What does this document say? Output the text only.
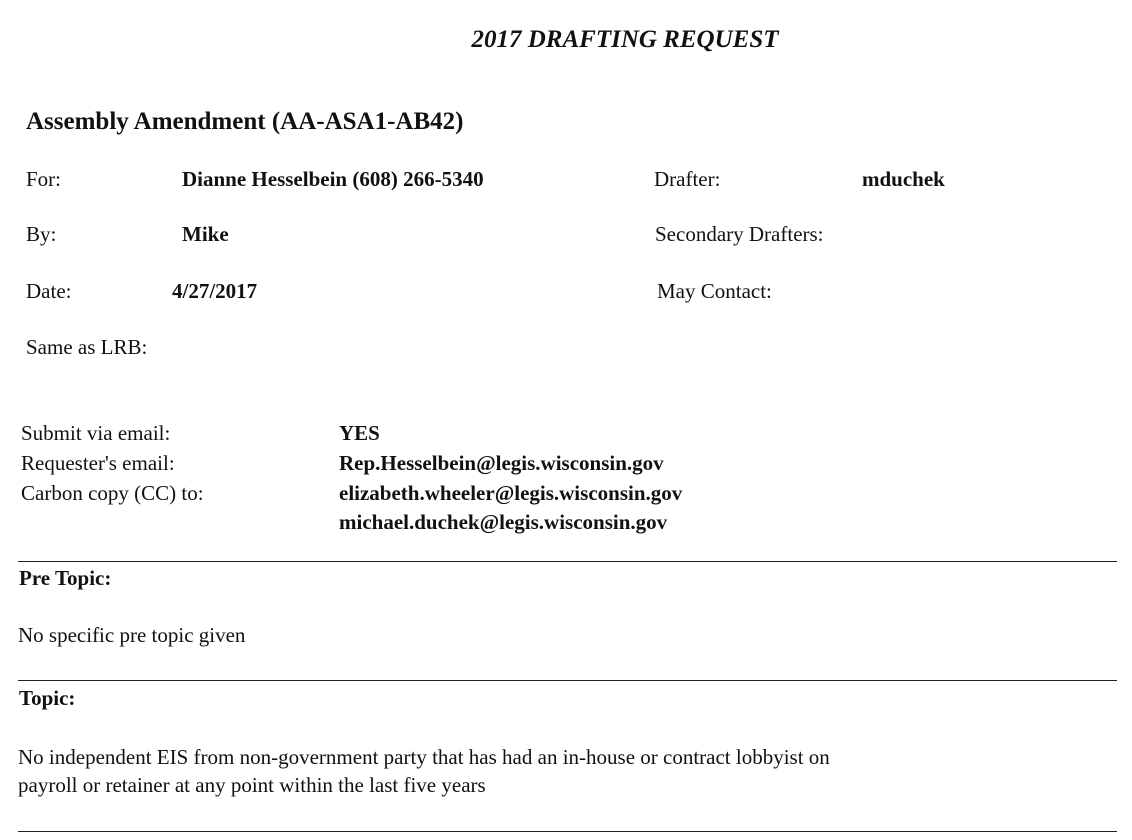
2017 DRAFTING REQUEST
Assembly Amendment (AA-ASA1-AB42)
For:	Dianne Hesselbein (608) 266-5340	Drafter:	mduchek
By:	Mike	Secondary Drafters:
Date:	4/27/2017	May Contact:
Same as LRB:
Submit via email:	YES
Requester's email:	Rep.Hesselbein@legis.wisconsin.gov
Carbon copy (CC) to:	elizabeth.wheeler@legis.wisconsin.gov
michael.duchek@legis.wisconsin.gov
Pre Topic:
No specific pre topic given
Topic:
No independent EIS from non-government party that has had an in-house or contract lobbyist on
payroll or retainer at any point within the last five years
